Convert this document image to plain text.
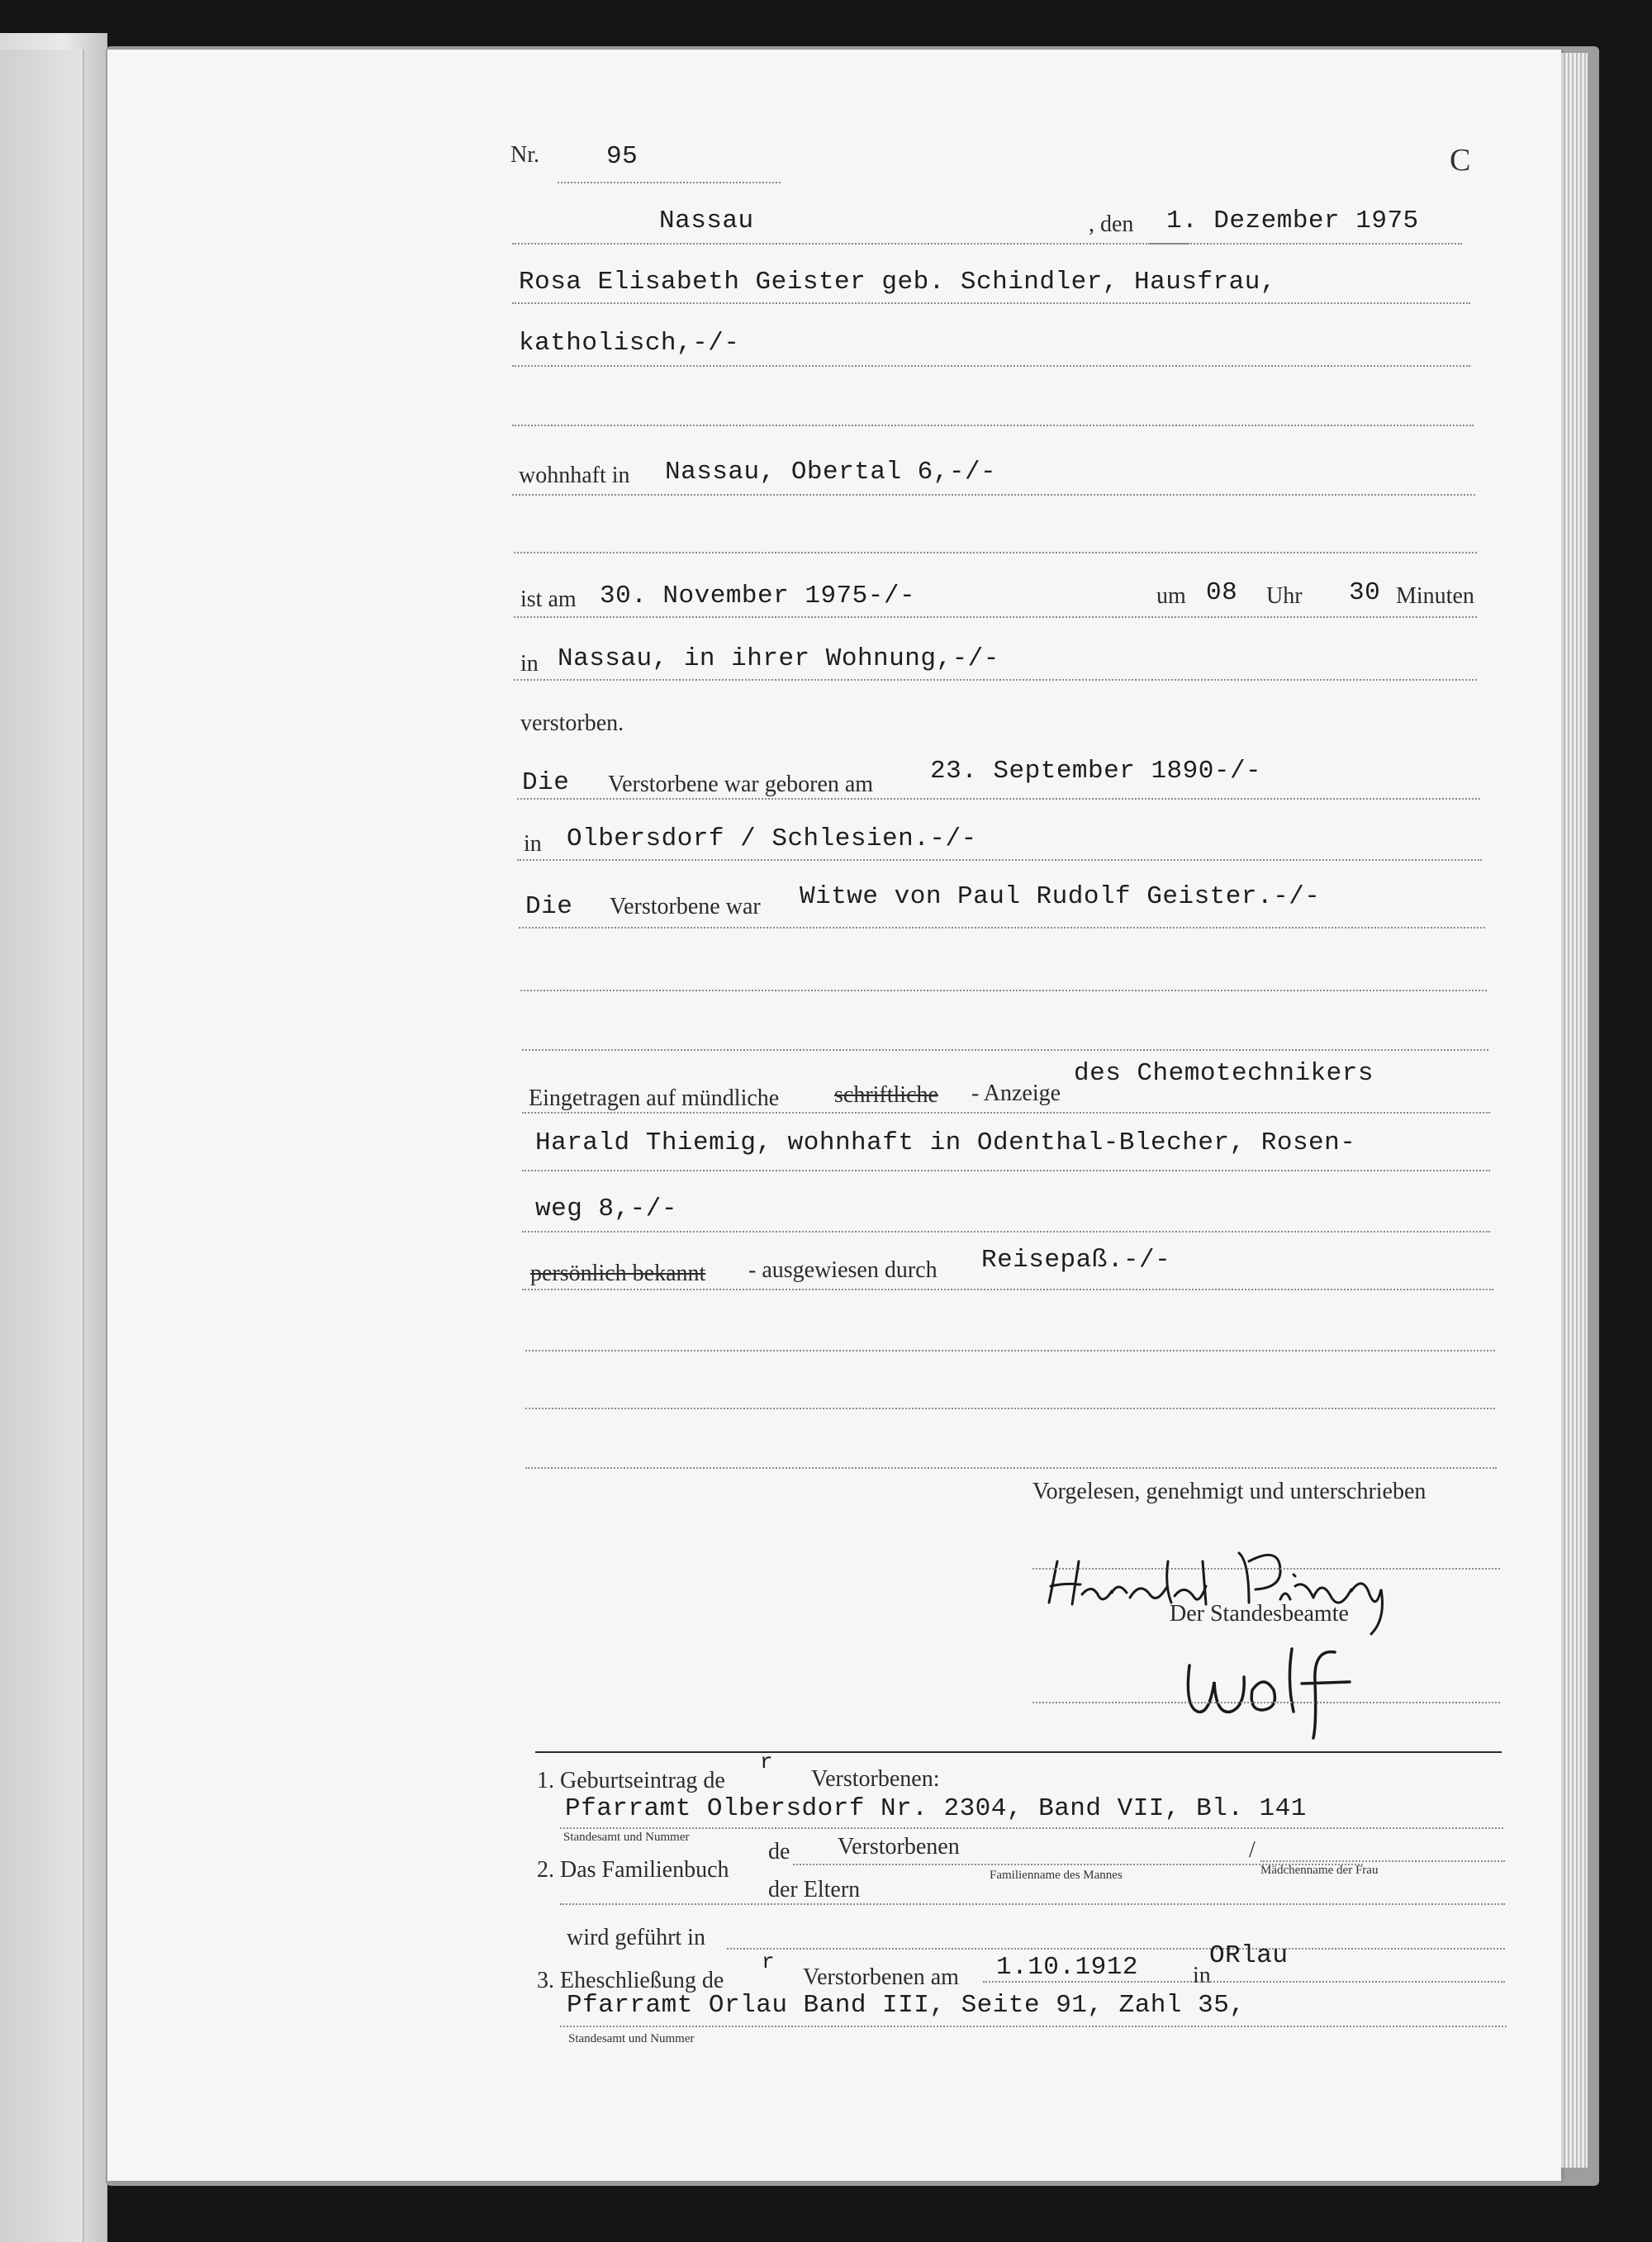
Nr.	95	C
Nassau	, den 1. Dezember 1975
Rosa Elisabeth Geister geb. Schindler, Hausfrau,
katholisch,-/-
wohnhaft in Nassau, Obertal 6,-/-
ist am 30. November 1975-/-	um 08 Uhr 30 Minuten
in Nassau, in ihrer Wohnung,-/-
verstorben.
Die Verstorbene war geboren am 23. September 1890-/-
in Olbersdorf / Schlesien.-/-
Die Verstorbene war Witwe von Paul Rudolf Geister.-/-
Eingetragen auf mündliche schriftliche - Anzeige
des Chemotechnikers
Harald Thiemig, wohnhaft in Odenthal-Blecher, Rosen-
weg 8,-/-
persönlich bekannt - ausgewiesen durch Reisepaß.-/-
Vorgelesen, genehmigt und unterschrieben
Der Standesbeamte
1. Geburtseintrag de
r
Verstorbenen:
Pfarramt Olbersdorf Nr. 2304, Band VII, Bl. 141
Standesamt und Nummer
2. Das Familienbuch
de Verstorbenen	/
der Eltern
Familienname des Mannes	Mädchenname der Frau
wird geführt in
3. Eheschließung de
r
Verstorbenen am 1.10.1912 in
ORlau
Pfarramt Orlau Band III, Seite 91, Zahl 35,
Standesamt und Nummer
